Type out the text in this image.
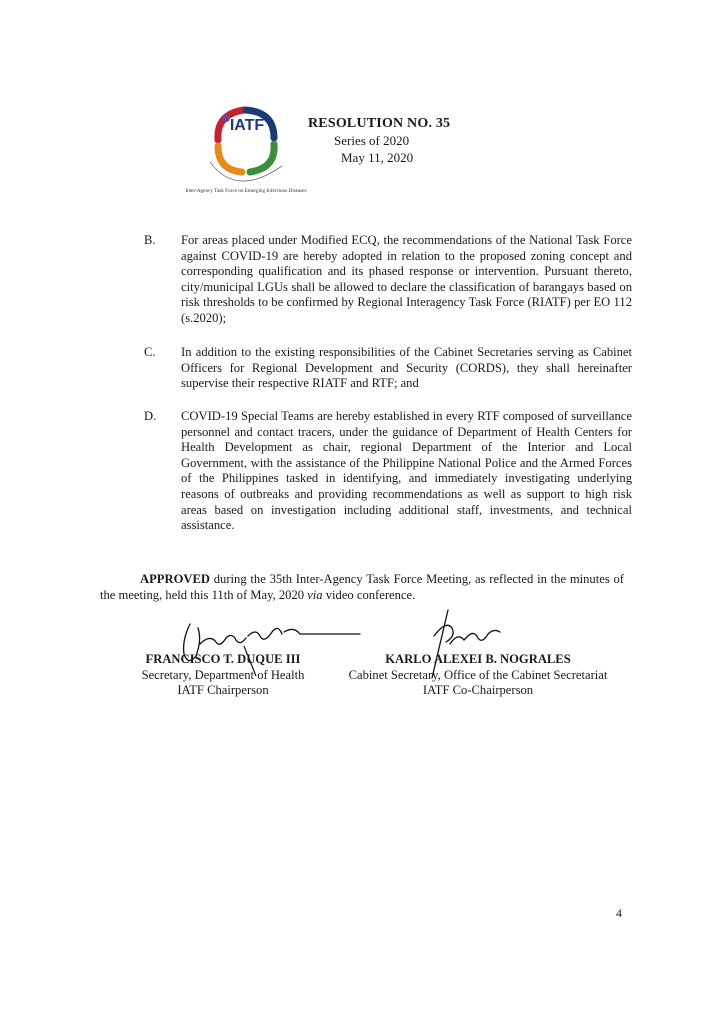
Inter-Agency Task Force on Emerging Infectious Diseases
IATF	RESOLUTION NO. 35
Series of 2020
May 11, 2020
B. For areas placed under Modified ECQ, the recommendations of the National Task Force against COVID-19 are hereby adopted in relation to the proposed zoning concept and corresponding qualification and its phased response or intervention. Pursuant thereto, city/municipal LGUs shall be allowed to declare the classification of barangays based on risk thresholds to be confirmed by Regional Interagency Task Force (RIATF) per EO 112 (s.2020);
C. In addition to the existing responsibilities of the Cabinet Secretaries serving as Cabinet Officers for Regional Development and Security (CORDS), they shall hereinafter supervise their respective RIATF and RTF; and
D. COVID-19 Special Teams are hereby established in every RTF composed of surveillance personnel and contact tracers, under the guidance of Department of Health Centers for Health Development as chair, regional Department of the Interior and Local Government, with the assistance of the Philippine National Police and the Armed Forces of the Philippines tasked in identifying, and immediately investigating underlying reasons of outbreaks and providing recommendations as well as support to high risk areas based on investigation including additional staff, investments, and technical assistance.
APPROVED during the 35th Inter-Agency Task Force Meeting, as reflected in the minutes of the meeting, held this 11th of May, 2020 via video conference.
FRANCISCO T. DUQUE III
Secretary, Department of Health
IATF Chairperson
KARLO ALEXEI B. NOGRALES
Cabinet Secretary, Office of the Cabinet Secretariat
IATF Co-Chairperson
4
